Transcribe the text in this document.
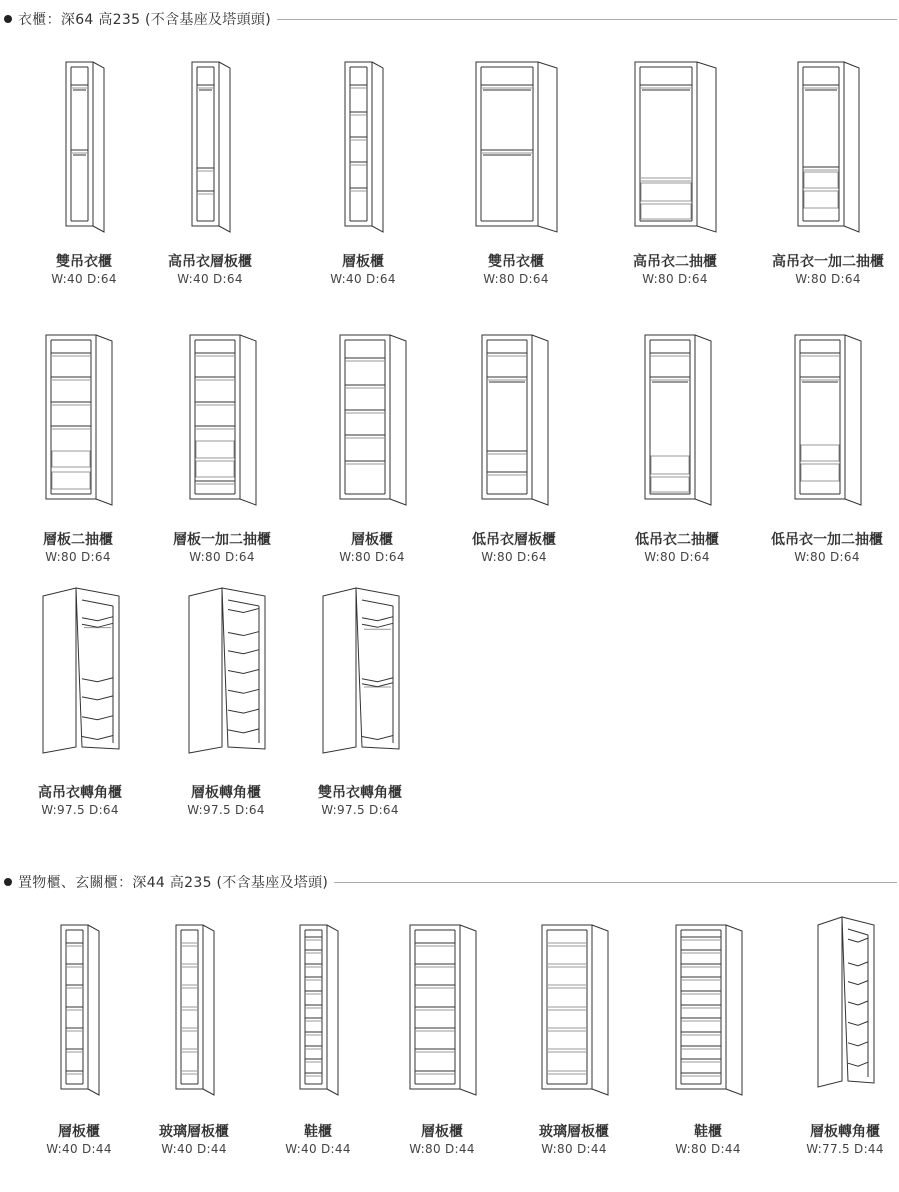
衣櫃：深64 高235 (不含基座及塔頭頭)
置物櫃、玄關櫃：深44 高235 (不含基座及塔頭)
雙吊衣櫃
W:40 D:64
高吊衣層板櫃
W:40 D:64
層板櫃
W:40 D:64
雙吊衣櫃
W:80 D:64
高吊衣二抽櫃
W:80 D:64
高吊衣一加二抽櫃
W:80 D:64
層板二抽櫃
W:80 D:64
層板一加二抽櫃
W:80 D:64
層板櫃
W:80 D:64
低吊衣層板櫃
W:80 D:64
低吊衣二抽櫃
W:80 D:64
低吊衣一加二抽櫃
W:80 D:64
高吊衣轉角櫃
W:97.5 D:64
層板轉角櫃
W:97.5 D:64
雙吊衣轉角櫃
W:97.5 D:64
層板櫃
W:40 D:44
玻璃層板櫃
W:40 D:44
鞋櫃
W:40 D:44
層板櫃
W:80 D:44
玻璃層板櫃
W:80 D:44
鞋櫃
W:80 D:44
層板轉角櫃
W:77.5 D:44
